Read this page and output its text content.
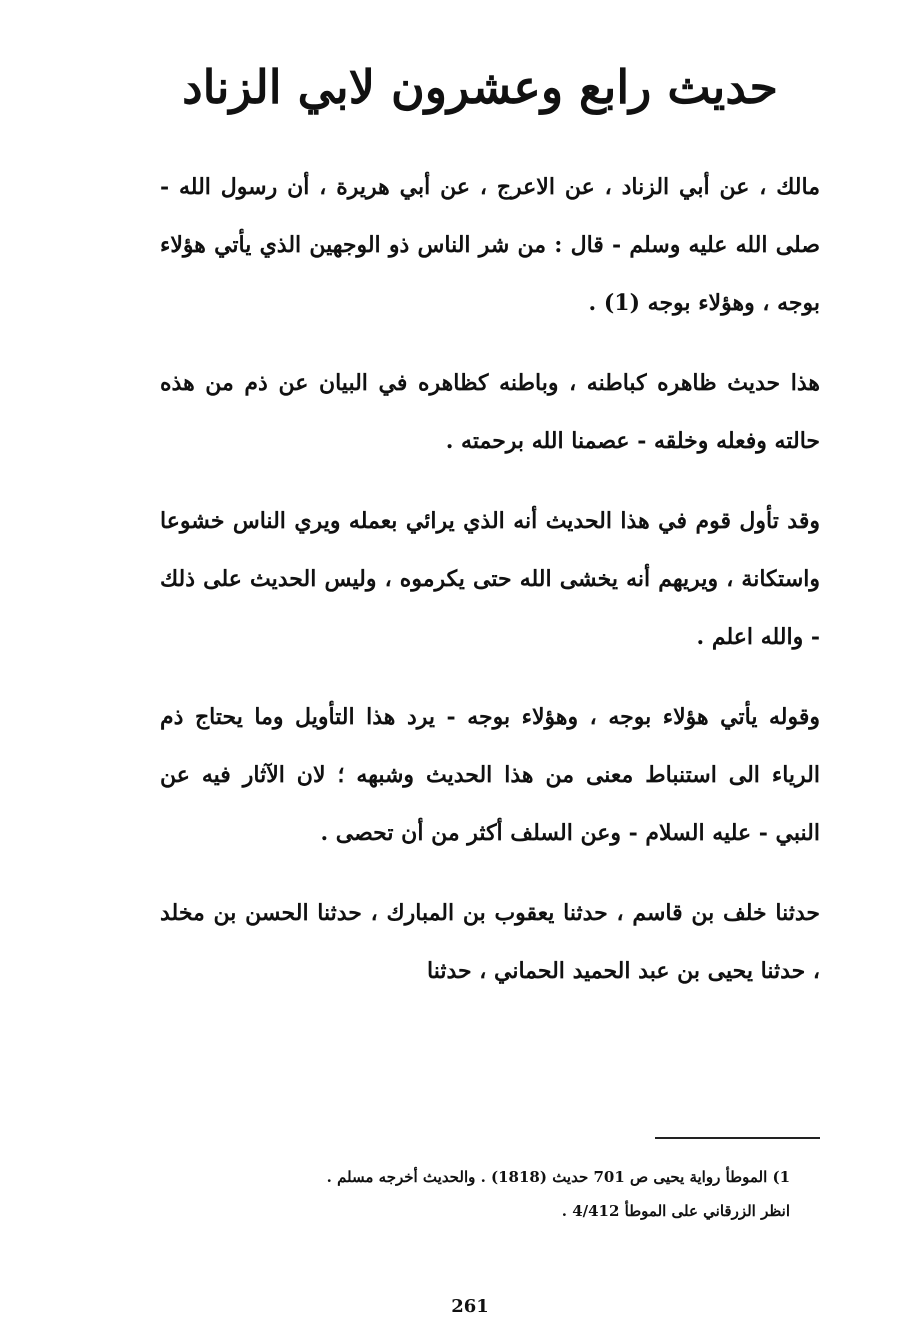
حديث رابع وعشرون لابي الزناد

مالك ، عن أبي الزناد ، عن الاعرج ، عن أبي هريرة ، أن رسول الله - صلى الله عليه وسلم - قال : من شر الناس ذو الوجهين الذي يأتي هؤلاء بوجه ، وهؤلاء بوجه (1) .

هذا حديث ظاهره كباطنه ، وباطنه كظاهره في البيان عن ذم من هذه حالته وفعله وخلقه - عصمنا الله برحمته .

وقد تأول قوم في هذا الحديث أنه الذي يرائي بعمله ويري الناس خشوعا واستكانة ، ويريهم أنه يخشى الله حتى يكرموه ، وليس الحديث على ذلك - والله اعلم .

وقوله يأتي هؤلاء بوجه ، وهؤلاء بوجه - يرد هذا التأويل وما يحتاج ذم الرياء الى استنباط معنى من هذا الحديث وشبهه ؛ لان الآثار فيه عن النبي - عليه السلام - وعن السلف أكثر من أن تحصى .

حدثنا خلف بن قاسم ، حدثنا يعقوب بن المبارك ، حدثنا الحسن بن مخلد ، حدثنا يحيى بن عبد الحميد الحماني ، حدثنا

1) الموطأ رواية يحيى ص 701 حديث (1818) . والحديث أخرجه مسلم .
انظر الزرقاني على الموطأ 4/412 .
261
